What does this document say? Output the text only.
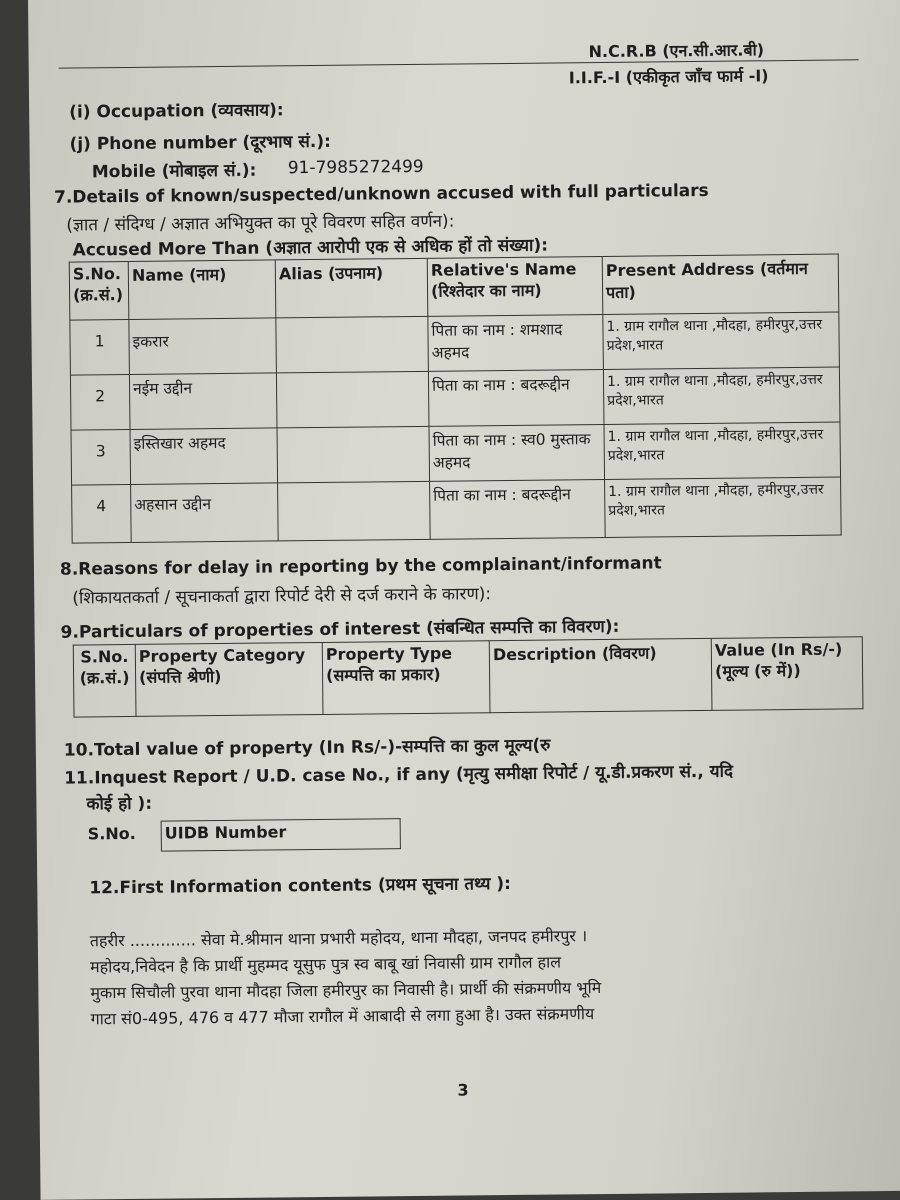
N.C.R.B (एन.सी.आर.बी)
I.I.F.-I (एकीकृत जाँच फार्म -I)
(i) Occupation (व्यवसाय):
(j) Phone number (दूरभाष सं.):
Mobile (मोबाइल सं.): 91-7985272499
7.Details of known/suspected/unknown accused with full particulars
(ज्ञात / संदिग्ध / अज्ञात अभियुक्त का पूरे विवरण सहित वर्णन):
Accused More Than (अज्ञात आरोपी एक से अधिक हों तो संख्या):
S.No. (क्र.सं.)	Name (नाम)	Alias (उपनाम)	Relative's Name (रिश्तेदार का नाम)	Present Address (वर्तमान पता)
1	इकरार		पिता का नाम : शमशाद अहमद	1. ग्राम रागौल थाना ,मौदहा, हमीरपुर,उत्तर प्रदेश,भारत
2	नईम उद्दीन		पिता का नाम : बदरूद्दीन	1. ग्राम रागौल थाना ,मौदहा, हमीरपुर,उत्तर प्रदेश,भारत
3	इस्तिखार अहमद		पिता का नाम : स्व0 मुस्ताक अहमद	1. ग्राम रागौल थाना ,मौदहा, हमीरपुर,उत्तर प्रदेश,भारत
4	अहसान उद्दीन		पिता का नाम : बदरूद्दीन	1. ग्राम रागौल थाना ,मौदहा, हमीरपुर,उत्तर प्रदेश,भारत
8.Reasons for delay in reporting by the complainant/informant
(शिकायतकर्ता / सूचनाकर्ता द्वारा रिपोर्ट देरी से दर्ज कराने के कारण):
9.Particulars of properties of interest (संबन्धित सम्पत्ति का विवरण):
S.No. (क्र.सं.)	Property Category (संपत्ति श्रेणी)	Property Type (सम्पत्ति का प्रकार)	Description (विवरण)	Value (In Rs/-) (मूल्य (रु में))
10.Total value of property (In Rs/-)-सम्पत्ति का कुल मूल्य(रु
11.Inquest Report / U.D. case No., if any (मृत्यु समीक्षा रिपोर्ट / यू.डी.प्रकरण सं., यदि
कोई हो ):
S.No.	UIDB Number
12.First Information contents (प्रथम सूचना तथ्य ):
तहरीर ............. सेवा मे.श्रीमान थाना प्रभारी महोदय, थाना मौदहा, जनपद हमीरपुर ।
महोदय,निवेदन है कि प्रार्थी मुहम्मद यूसुफ पुत्र स्व बाबू खां निवासी ग्राम रागौल हाल
मुकाम सिचौली पुरवा थाना मौदहा जिला हमीरपुर का निवासी है। प्रार्थी की संक्रमणीय भूमि
गाटा सं0-495, 476 व 477 मौजा रागौल में आबादी से लगा हुआ है। उक्त संक्रमणीय
3
